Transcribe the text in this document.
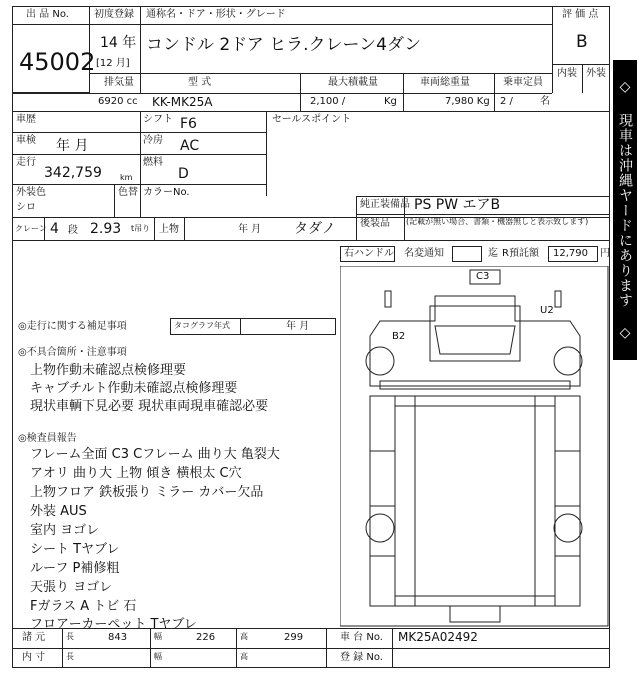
出 品 No.
45002
初度登録 通称名・ドア・形状・グレード
14 年
[12 月]
コンドル 2ドア ヒラ.クレーン4ダン
評 価 点
B
内装 外装
排気量	型 式	最大積載量	車両総重量	乗車定員
6920 cc KK-MK25A	2,100 /	Kg	7,980 Kg 2 /	名
車歴	シフト F6
車検 年 月	冷房 AC
走行
342,759 km
燃料
D
外装色
シロ
色替 カラーNo.
クレーン 4 段 2.93 t吊り 上物	年 月 タダノ
セールスポイント
純正装備品 PS PW エアB
後装品 (記載が無い場合、書類・機器無しと表示致します)
右ハンドル 名変通知	迄 R預託額 12,790 円
◎走行に関する補足事項	タコグラフ年式	年 月
◎不具合箇所・注意事項
上物作動未確認点検修理要
キャブチルト作動未確認点検修理要
現状車輌下見必要 現状車両現車確認必要
◎検査員報告
フレーム全面 C3 Cフレーム 曲り大 亀裂大
アオリ 曲り大 上物 傾き 横根太 C穴
上物フロア 鉄板張り ミラー カバー欠品
外装 AUS
室内 ヨゴレ
シート Tヤブレ
ルーフ P補修粗
天張り ヨゴレ
Fガラス A トビ 石
フロアーカーペット Tヤブレ
C3
U2
B2
諸 元	長	843	幅	226	高	299	車 台 No. MK25A02492
内 寸	長	幅	高	登 録 No.
◇ 現車は沖縄ヤードにあります ◇
